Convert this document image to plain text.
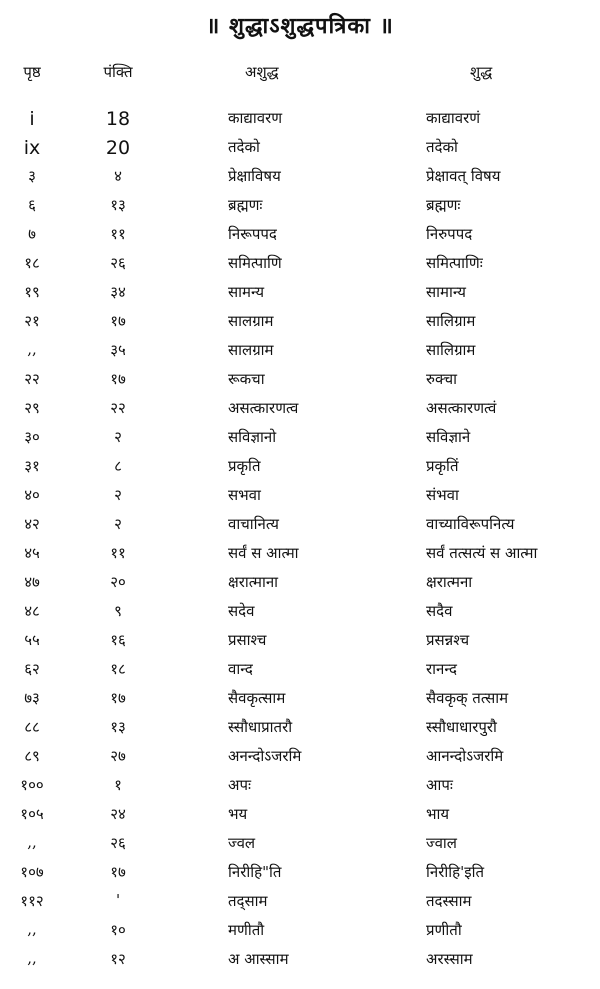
॥ शुद्धाऽशुद्धपत्रिका ॥
पृष्ठ	पंक्ति	अशुद्ध	शुद्ध
i	18	काद्यावरण	काद्यावरणं
ix	20	तदेको	तदेको
३	४	प्रेक्षाविषय	प्रेक्षावत् विषय
६	१३	ब्रह्मणः	ब्रह्मणः
७	११	निरूपपद	निरुपपद
१८	२६	समित्पाणि	समित्पाणिः
१९	३४	सामन्य	सामान्य
२१	१७	सालग्राम	सालिग्राम
,,	३५	सालग्राम	सालिग्राम
२२	१७	रूकचा	रुक्चा
२९	२२	असत्कारणत्व	असत्कारणत्वं
३०	२	सविज्ञानो	सविज्ञाने
३१	८	प्रकृति	प्रकृतिं
४०	२	सभवा	संभवा
४२	२	वाचानित्य	वाच्याविरूपनित्य
४५	११	सर्वं स आत्मा	सर्वं तत्सत्यं स आत्मा
४७	२०	क्षरात्माना	क्षरात्मना
४८	९	सदेव	सदैव
५५	१६	प्रसाश्च	प्रसन्नश्च
६२	१८	वान्द	रानन्द
७३	१७	सैवकृत्साम	सैवकृक् तत्साम
८८	१३	स्सौधाप्रातरौ	स्सौधाधारपुरौ
८९	२७	अनन्दोऽजरमि	आनन्दोऽजरमि
१००	१	अपः	आपः
१०५	२४	भय	भाय
,,	२६	ज्वल	ज्वाल
१०७	१७	निरीहि"ति	निरीहि'इति
११२	'	तद्साम	तदस्साम
,,	१०	मणीतौ	प्रणीतौ
,,	१२	अ आस्साम	अरस्साम
